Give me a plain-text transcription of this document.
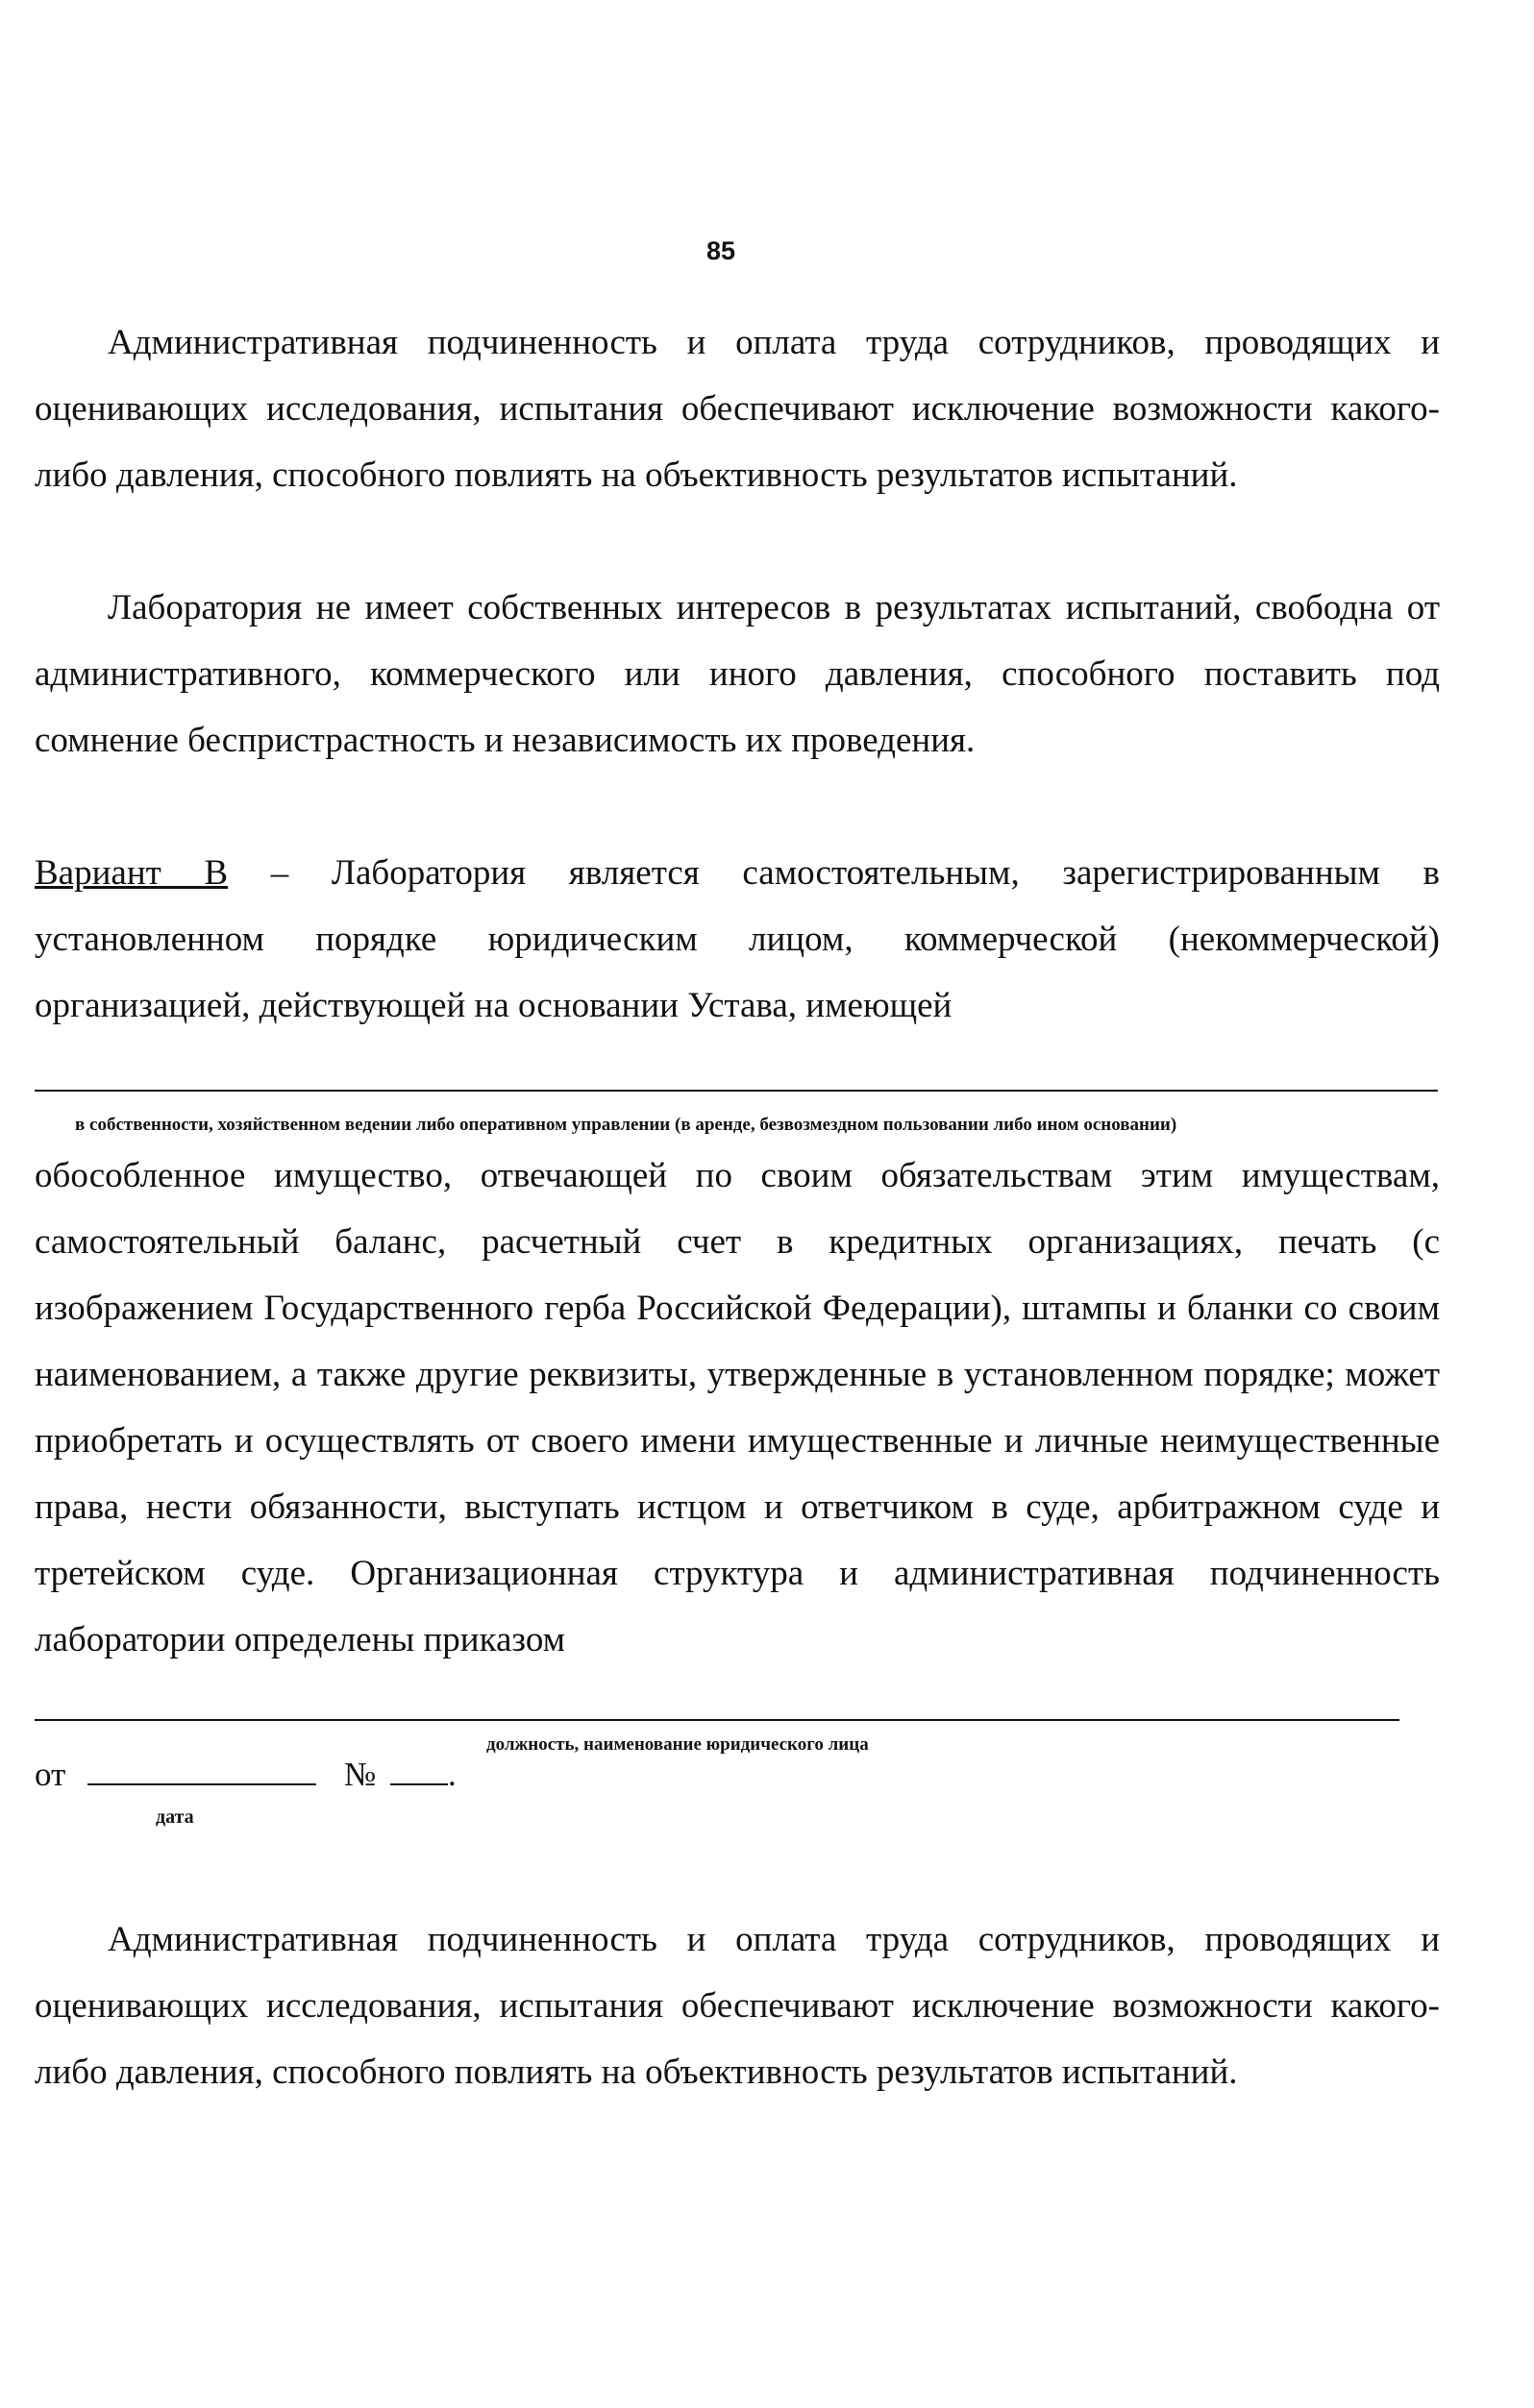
85

Административная подчиненность и оплата труда сотрудников, проводящих и оценивающих исследования, испытания обеспечивают исключение возможности какого-либо давления, способного повлиять на объективность результатов испытаний.

Лаборатория не имеет собственных интересов в результатах испытаний, свободна от административного, коммерческого или иного давления, способного поставить под сомнение беспристрастность и независимость их проведения.

Вариант В – Лаборатория является самостоятельным, зарегистрированным в установленном порядке юридическим лицом, коммерческой (некоммерческой) организацией, действующей на основании Устава, имеющей

в собственности, хозяйственном ведении либо оперативном управлении (в аренде, безвозмездном пользовании либо ином основании)

обособленное имущество, отвечающей по своим обязательствам этим имуществам, самостоятельный баланс, расчетный счет в кредитных организациях, печать (с изображением Государственного герба Российской Федерации), штампы и бланки со своим наименованием, а также другие реквизиты, утвержденные в установленном порядке; может приобретать и осуществлять от своего имени имущественные и личные неимущественные права, нести обязанности, выступать истцом и ответчиком в суде, арбитражном суде и третейском суде. Организационная структура и административная подчиненность лаборатории определены приказом

должность, наименование юридического лица
от	№ .
дата

Административная подчиненность и оплата труда сотрудников, проводящих и оценивающих исследования, испытания обеспечивают исключение возможности какого-либо давления, способного повлиять на объективность результатов испытаний.
